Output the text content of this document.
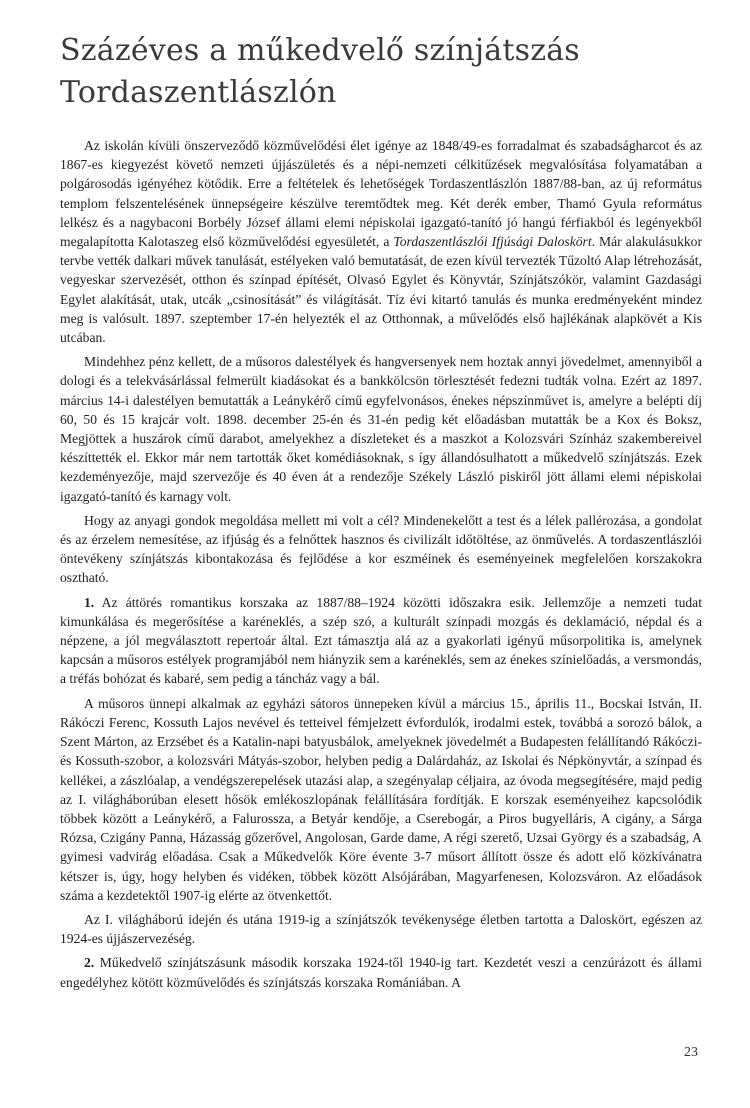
Százéves a műkedvelő színjátszás
Tordaszentlászlón

Az iskolán kívüli önszerveződő közművelődési élet igénye az 1848/49-es forradalmat és szabadságharcot és az 1867-es kiegyezést követő nemzeti újjászületés és a népi-nemzeti célkitűzések megvalósítása folyamatában a polgárosodás igényéhez kötődik. Erre a feltételek és lehetőségek Tordaszentlászlón 1887/88-ban, az új református templom felszentelésének ünnepségeire készülve teremtődtek meg. Két derék ember, Thamó Gyula református lelkész és a nagybaconi Borbély József állami elemi népiskolai igazgató-tanító jó hangú férfiakból és legényekből megalapította Kalotaszeg első közművelődési egyesületét, a Tordaszentlászlói Ifjúsági Daloskört. Már alakulásukkor tervbe vették dalkari művek tanulását, estélyeken való bemutatását, de ezen kívül tervezték Tűzoltó Alap létrehozását, vegyeskar szervezését, otthon és színpad építését, Olvasó Egylet és Könyvtár, Színjátszókör, valamint Gazdasági Egylet alakítását, utak, utcák „csinosítását” és világítását. Tíz évi kitartó tanulás és munka eredményeként mindez meg is valósult. 1897. szeptember 17-én helyezték el az Otthonnak, a művelődés első hajlékának alapkövét a Kis utcában.

Mindehhez pénz kellett, de a műsoros dalestélyek és hangversenyek nem hoztak annyi jövedelmet, amennyiből a dologi és a telekvásárlással felmerült kiadásokat és a bankkölcsön törlesztését fedezni tudták volna. Ezért az 1897. március 14-i dalestélyen bemutatták a Leánykérő című egyfelvonásos, énekes népszínművet is, amelyre a belépti díj 60, 50 és 15 krajcár volt. 1898. december 25-én és 31-én pedig két előadásban mutatták be a Kox és Boksz, Megjöttek a huszárok című darabot, amelyekhez a díszleteket és a maszkot a Kolozsvári Színház szakembereivel készíttették el. Ekkor már nem tartották őket komédiásoknak, s így állandósulhatott a műkedvelő színjátszás. Ezek kezdeményezője, majd szervezője és 40 éven át a rendezője Székely László piskiről jött állami elemi népiskolai igazgató-tanító és karnagy volt.

Hogy az anyagi gondok megoldása mellett mi volt a cél? Mindenekelőtt a test és a lélek pallérozása, a gondolat és az érzelem nemesítése, az ifjúság és a felnőttek hasznos és civilizált időtöltése, az önművelés. A tordaszentlászlói öntevékeny színjátszás kibontakozása és fejlődése a kor eszméinek és eseményeinek megfelelően korszakokra osztható.

1. Az áttörés romantikus korszaka az 1887/88–1924 közötti időszakra esik. Jellemzője a nemzeti tudat kimunkálása és megerősítése a karéneklés, a szép szó, a kulturált színpadi mozgás és deklamáció, népdal és a népzene, a jól megválasztott repertoár által. Ezt támasztja alá az a gyakorlati igényű műsorpolitika is, amelynek kapcsán a műsoros estélyek programjából nem hiányzik sem a karéneklés, sem az énekes színielőadás, a versmondás, a tréfás bohózat és kabaré, sem pedig a táncház vagy a bál.

A műsoros ünnepi alkalmak az egyházi sátoros ünnepeken kívül a március 15., április 11., Bocskai István, II. Rákóczi Ferenc, Kossuth Lajos nevével és tetteivel fémjelzett évfordulók, irodalmi estek, továbbá a sorozó bálok, a Szent Márton, az Erzsébet és a Katalin-napi batyusbálok, amelyeknek jövedelmét a Budapesten felállítandó Rákóczi- és Kossuth-szobor, a kolozsvári Mátyás-szobor, helyben pedig a Dalárdaház, az Iskolai és Népkönyvtár, a színpad és kellékei, a zászlóalap, a vendégszerepelések utazási alap, a szegényalap céljaira, az óvoda megsegítésére, majd pedig az I. világháborúban elesett hősök emlékoszlopának felállítására fordítják. E korszak eseményeihez kapcsolódik többek között a Leánykérő, a Falurossza, a Betyár kendője, a Cserebogár, a Piros bugyelláris, A cigány, a Sárga Rózsa, Czigány Panna, Házasság gőzerővel, Angolosan, Garde dame, A régi szerető, Uzsai György és a szabadság, A gyimesi vadvirág előadása. Csak a Műkedvelők Köre évente 3-7 műsort állított össze és adott elő közkívánatra kétszer is, úgy, hogy helyben és vidéken, többek között Alsójárában, Magyarfenesen, Kolozsváron. Az előadások száma a kezdetektől 1907-ig elérte az ötvenkettőt.

Az I. világháború idején és utána 1919-ig a színjátszók tevékenysége életben tartotta a Daloskört, egészen az 1924-es újjászervezéség.

2. Műkedvelő színjátszásunk második korszaka 1924-től 1940-ig tart. Kezdetét veszi a cenzúrázott és állami engedélyhez kötött közművelődés és színjátszás korszaka Romániában. A

23
